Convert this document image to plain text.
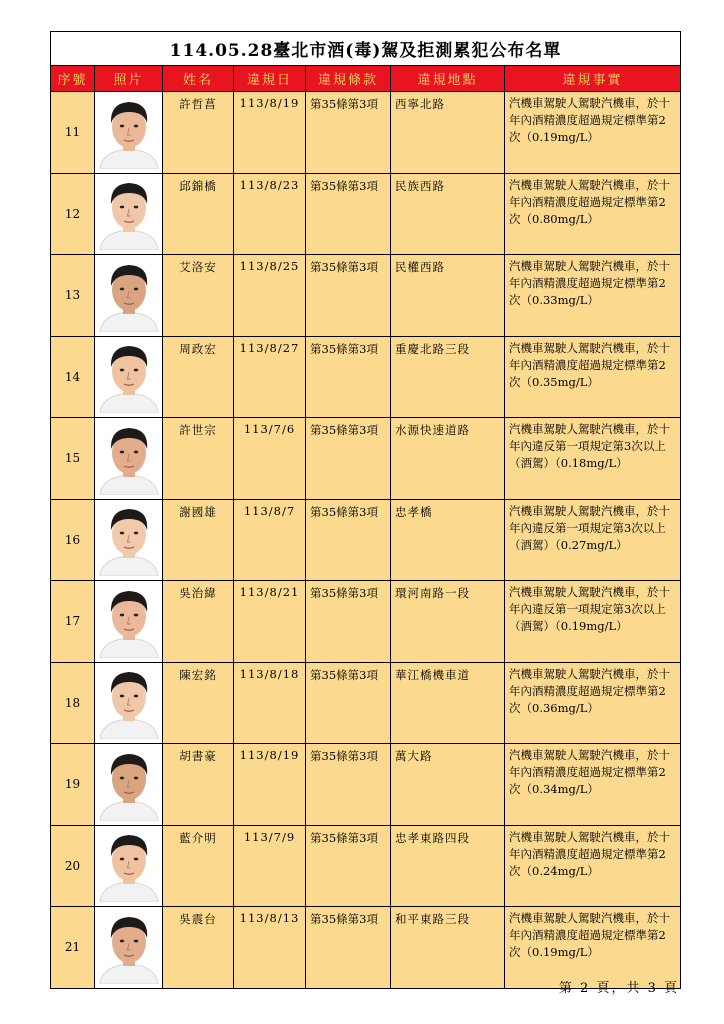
114.05.28臺北市酒(毒)駕及拒測累犯公布名單						
序號	照片	姓名	違規日	違規條款	違規地點	違規事實
11		許哲菖	113/8/19	第35條第3項	西寧北路	汽機車駕駛人駕駛汽機車，於十年內酒精濃度超過規定標準第2次（0.19mg/L）
12		邱錦橋	113/8/23	第35條第3項	民族西路	汽機車駕駛人駕駛汽機車，於十年內酒精濃度超過規定標準第2次（0.80mg/L）
13		艾洛安	113/8/25	第35條第3項	民權西路	汽機車駕駛人駕駛汽機車，於十年內酒精濃度超過規定標準第2次（0.33mg/L）
14		周政宏	113/8/27	第35條第3項	重慶北路三段	汽機車駕駛人駕駛汽機車，於十年內酒精濃度超過規定標準第2次（0.35mg/L）
15		許世宗	113/7/6	第35條第3項	水源快速道路	汽機車駕駛人駕駛汽機車，於十年內違反第一項規定第3次以上（酒駕）（0.18mg/L）
16		謝國雄	113/8/7	第35條第3項	忠孝橋	汽機車駕駛人駕駛汽機車，於十年內違反第一項規定第3次以上（酒駕）（0.27mg/L）
17		吳治緯	113/8/21	第35條第3項	環河南路一段	汽機車駕駛人駕駛汽機車，於十年內違反第一項規定第3次以上（酒駕）（0.19mg/L）
18		陳宏銘	113/8/18	第35條第3項	華江橋機車道	汽機車駕駛人駕駛汽機車，於十年內酒精濃度超過規定標準第2次（0.36mg/L）
19		胡書豪	113/8/19	第35條第3項	萬大路	汽機車駕駛人駕駛汽機車，於十年內酒精濃度超過規定標準第2次（0.34mg/L）
20		藍介明	113/7/9	第35條第3項	忠孝東路四段	汽機車駕駛人駕駛汽機車，於十年內酒精濃度超過規定標準第2次（0.24mg/L）
21		吳震台	113/8/13	第35條第3項	和平東路三段	汽機車駕駛人駕駛汽機車，於十年內酒精濃度超過規定標準第2次（0.19mg/L）
第 2 頁，共 3 頁
